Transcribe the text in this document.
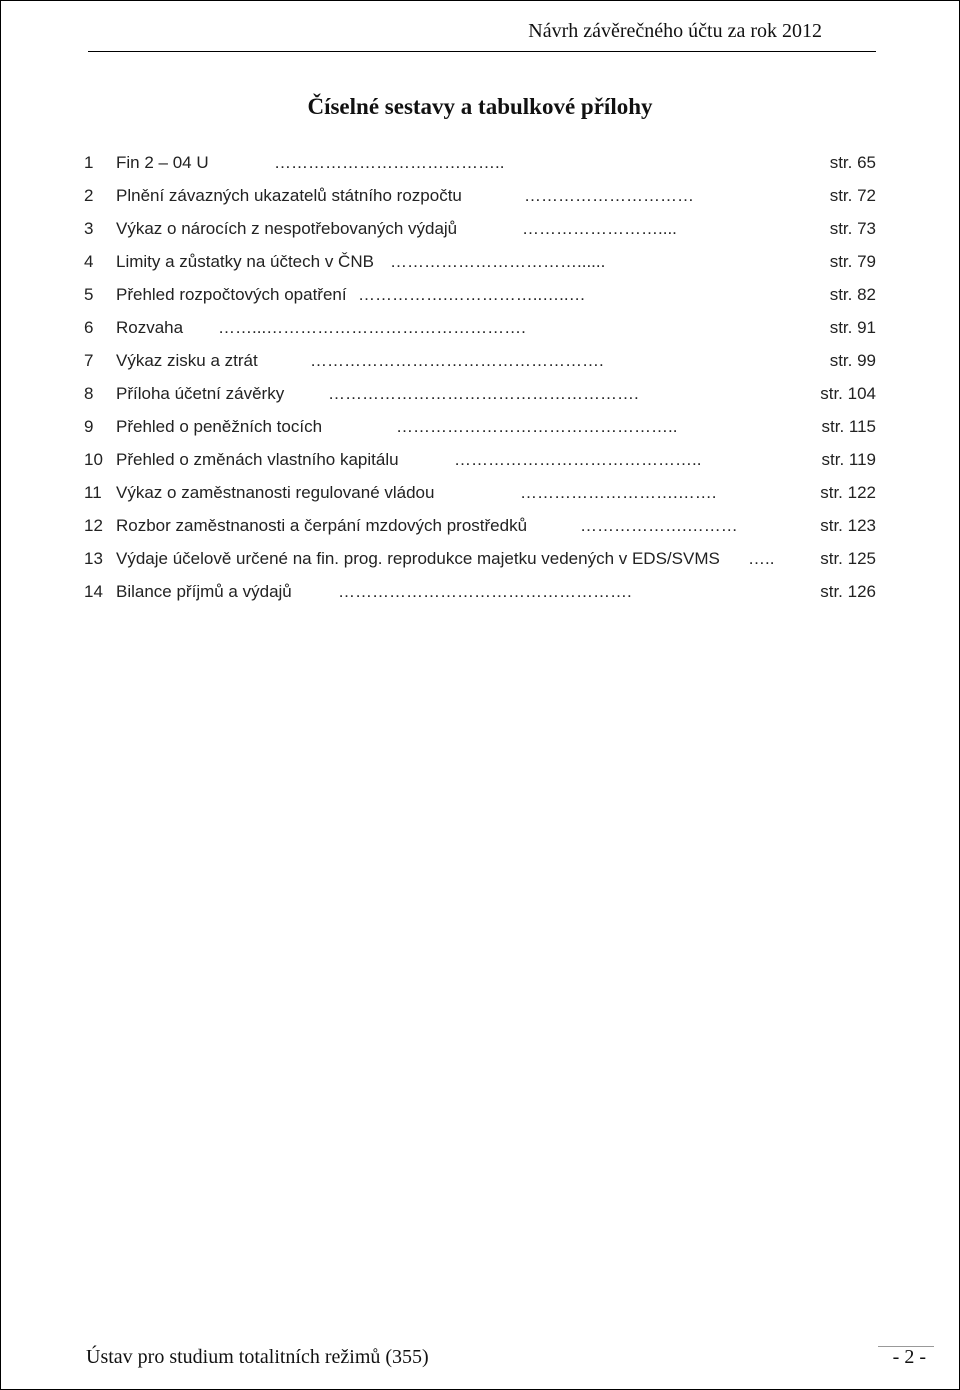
Návrh závěrečného účtu za rok 2012
Číselné sestavy a tabulkové přílohy
1 Fin 2 – 04 U	…………………………………..	str. 65
2 Plnění závazných ukazatelů státního rozpočtu	…………………………	str. 72
3 Výkaz o nárocích z nespotřebovaných výdajů	……………………....	str. 73
4 Limity a zůstatky na účtech v ČNB ……………………………......	str. 79
5 Přehled rozpočtových opatření …………….……………..…..…	str. 82
6 Rozvaha ……...……………………………………….	str. 91
7 Výkaz zisku a ztrát	…………………………………………….	str. 99
8 Příloha účetní závěrky	……………………………………………….	str. 104
9 Přehled o peněžních tocích	…………………………………………..	str. 115
10 Přehled o změnách vlastního kapitálu	……………………………………..	str. 119
11 Výkaz o zaměstnanosti regulované vládou	……………………….…….	str. 122
12 Rozbor zaměstnanosti a čerpání mzdových prostředků	……………….………	str. 123
13 Výdaje účelově určené na fin. prog. reprodukce majetku vedených v EDS/SVMS …..	str. 125
14 Bilance příjmů a výdajů	…………………………………………….	str. 126
Ústav pro studium totalitních režimů (355)	- 2 -
